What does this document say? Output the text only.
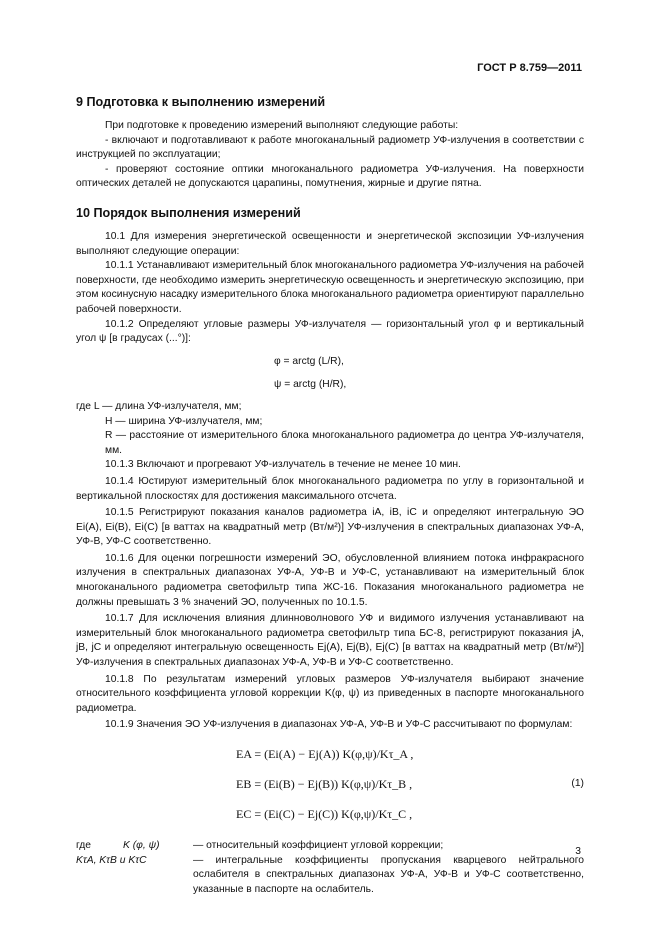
ГОСТ Р 8.759—2011
9 Подготовка к выполнению измерений

При подготовке к проведению измерений выполняют следующие работы:

- включают и подготавливают к работе многоканальный радиометр УФ-излучения в соответствии с инструкцией по эксплуатации;

- проверяют состояние оптики многоканального радиометра УФ-излучения. На поверхности оптических деталей не допускаются царапины, помутнения, жирные и другие пятна.

10 Порядок выполнения измерений

10.1 Для измерения энергетической освещенности и энергетической экспозиции УФ-излучения выполняют следующие операции:

10.1.1 Устанавливают измерительный блок многоканального радиометра УФ-излучения на рабочей поверхности, где необходимо измерить энергетическую освещенность и энергетическую экспозицию, при этом косинусную насадку измерительного блока многоканального радиометра ориентируют параллельно рабочей поверхности.

10.1.2 Определяют угловые размеры УФ-излучателя — горизонтальный угол φ и вертикальный угол ψ [в градусах (...°)]:

φ = arctg (L/R),

ψ = arctg (H/R),

где L — длина УФ-излучателя, мм;

H — ширина УФ-излучателя, мм;

R — расстояние от измерительного блока многоканального радиометра до центра УФ-излучателя, мм.

10.1.3 Включают и прогревают УФ-излучатель в течение не менее 10 мин.

10.1.4 Юстируют измерительный блок многоканального радиометра по углу в горизонтальной и вертикальной плоскостях для достижения максимального отсчета.

10.1.5 Регистрируют показания каналов радиометра iA, iB, iC и определяют интегральную ЭО Ei(A), Ei(B), Ei(C) [в ваттах на квадратный метр (Вт/м²)] УФ-излучения в спектральных диапазонах УФ-А, УФ-В, УФ-С соответственно.

10.1.6 Для оценки погрешности измерений ЭО, обусловленной влиянием потока инфракрасного излучения в спектральных диапазонах УФ-А, УФ-В и УФ-С, устанавливают на измерительный блок многоканального радиометра светофильтр типа ЖС-16. Показания многоканального радиометра не должны превышать 3 % значений ЭО, полученных по 10.1.5.

10.1.7 Для исключения влияния длинноволнового УФ и видимого излучения устанавливают на измерительный блок многоканального радиометра светофильтр типа БС-8, регистрируют показания jA, jB, jC и определяют интегральную освещенность Ej(A), Ej(B), Ej(C) [в ваттах на квадратный метр (Вт/м²)] УФ-излучения в спектральных диапазонах УФ-А, УФ-В и УФ-С соответственно.

10.1.8 По результатам измерений угловых размеров УФ-излучателя выбирают значение относительного коэффициента угловой коррекции K(φ, ψ) из приведенных в паспорте многоканального радиометра.

10.1.9 Значения ЭО УФ-излучения в диапазонах УФ-А, УФ-В и УФ-С рассчитывают по формулам:

EA = (Ei(A) − Ej(A)) K(φ,ψ)/Kτ_A ,
EB = (Ei(B) − Ej(B)) K(φ,ψ)/Kτ_B ,
EC = (Ei(C) − Ej(C)) K(φ,ψ)/Kτ_C ,
(1)
где	K (φ, ψ)	— относительный коэффициент угловой коррекции;
KτA, KτB и KτC	— интегральные коэффициенты пропускания кварцевого нейтрального ослабителя в спектральных диапазонах УФ-А, УФ-В и УФ-С соответственно, указанные в паспорте на ослабитель.
3
